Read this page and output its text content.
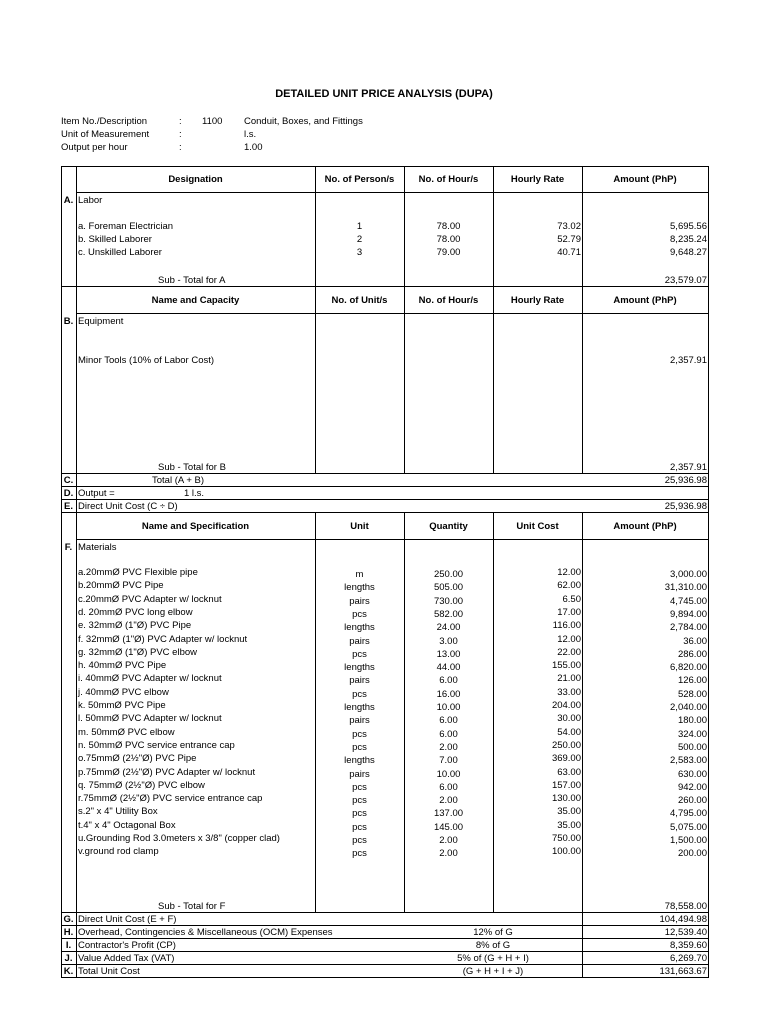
DETAILED UNIT PRICE ANALYSIS (DUPA)
Item No./Description	: 1100 Conduit, Boxes, and Fittings
Unit of Measurement	:	l.s.
Output per hour	:	1.00
Designation	No. of Person/s	No. of Hour/s	Hourly Rate	Amount (PhP)
A. Labor
a. Foreman Electrician	1	78.00	73.02	5,695.56
b. Skilled Laborer	2	78.00	52.79	8,235.24
c. Unskilled Laborer	3	79.00	40.71	9,648.27
Sub - Total for A	23,579.07
Name and Capacity	No. of Unit/s	No. of Hour/s	Hourly Rate	Amount (PhP)
B. Equipment
Minor Tools (10% of Labor Cost)	2,357.91
Sub - Total for B	2,357.91
C.	Total (A + B)	25,936.98
D. Output =	1 l.s.
E. Direct Unit Cost (C ÷ D)	25,936.98
Name and Specification	Unit	Quantity	Unit Cost	Amount (PhP)
F. Materials
a.20mmØ PVC Flexible pipe	m	250.00	12.00	3,000.00
b.20mmØ PVC Pipe	lengths	505.00	62.00	31,310.00
c.20mmØ PVC Adapter w/ locknut	pairs	730.00	6.50	4,745.00
d. 20mmØ PVC long elbow	pcs	582.00	17.00	9,894.00
e. 32mmØ (1"Ø) PVC Pipe	lengths	24.00	116.00	2,784.00
f. 32mmØ (1"Ø) PVC Adapter w/ locknut	pairs	3.00	12.00	36.00
g. 32mmØ (1"Ø) PVC elbow	pcs	13.00	22.00	286.00
h. 40mmØ PVC Pipe	lengths	44.00	155.00	6,820.00
i. 40mmØ PVC Adapter w/ locknut	pairs	6.00	21.00	126.00
j. 40mmØ PVC elbow	pcs	16.00	33.00	528.00
k. 50mmØ PVC Pipe	lengths	10.00	204.00	2,040.00
l. 50mmØ PVC Adapter w/ locknut	pairs	6.00	30.00	180.00
m. 50mmØ PVC elbow	pcs	6.00	54.00	324.00
n. 50mmØ PVC service entrance cap	pcs	2.00	250.00	500.00
o.75mmØ (2½"Ø) PVC Pipe	lengths	7.00	369.00	2,583.00
p.75mmØ (2½"Ø) PVC Adapter w/ locknut	pairs	10.00	63.00	630.00
q. 75mmØ (2½"Ø) PVC elbow	pcs	6.00	157.00	942.00
r.75mmØ (2½"Ø) PVC service entrance cap	pcs	2.00	130.00	260.00
s.2" x 4" Utility Box	pcs	137.00	35.00	4,795.00
t.4" x 4" Octagonal Box	pcs	145.00	35.00	5,075.00
u.Grounding Rod 3.0meters x 3/8" (copper clad)	pcs	2.00	750.00	1,500.00
v.ground rod clamp	pcs	2.00	100.00	200.00
Sub - Total for F	78,558.00
G. Direct Unit Cost (E + F)	104,494.98
H. Overhead, Contingencies & Miscellaneous (OCM) Expenses	12% of G	12,539.40
I. Contractor's Profit (CP)	8% of G	8,359.60
J. Value Added Tax (VAT)	5% of (G + H + I)	6,269.70
K. Total Unit Cost	(G + H + I + J)	131,663.67
